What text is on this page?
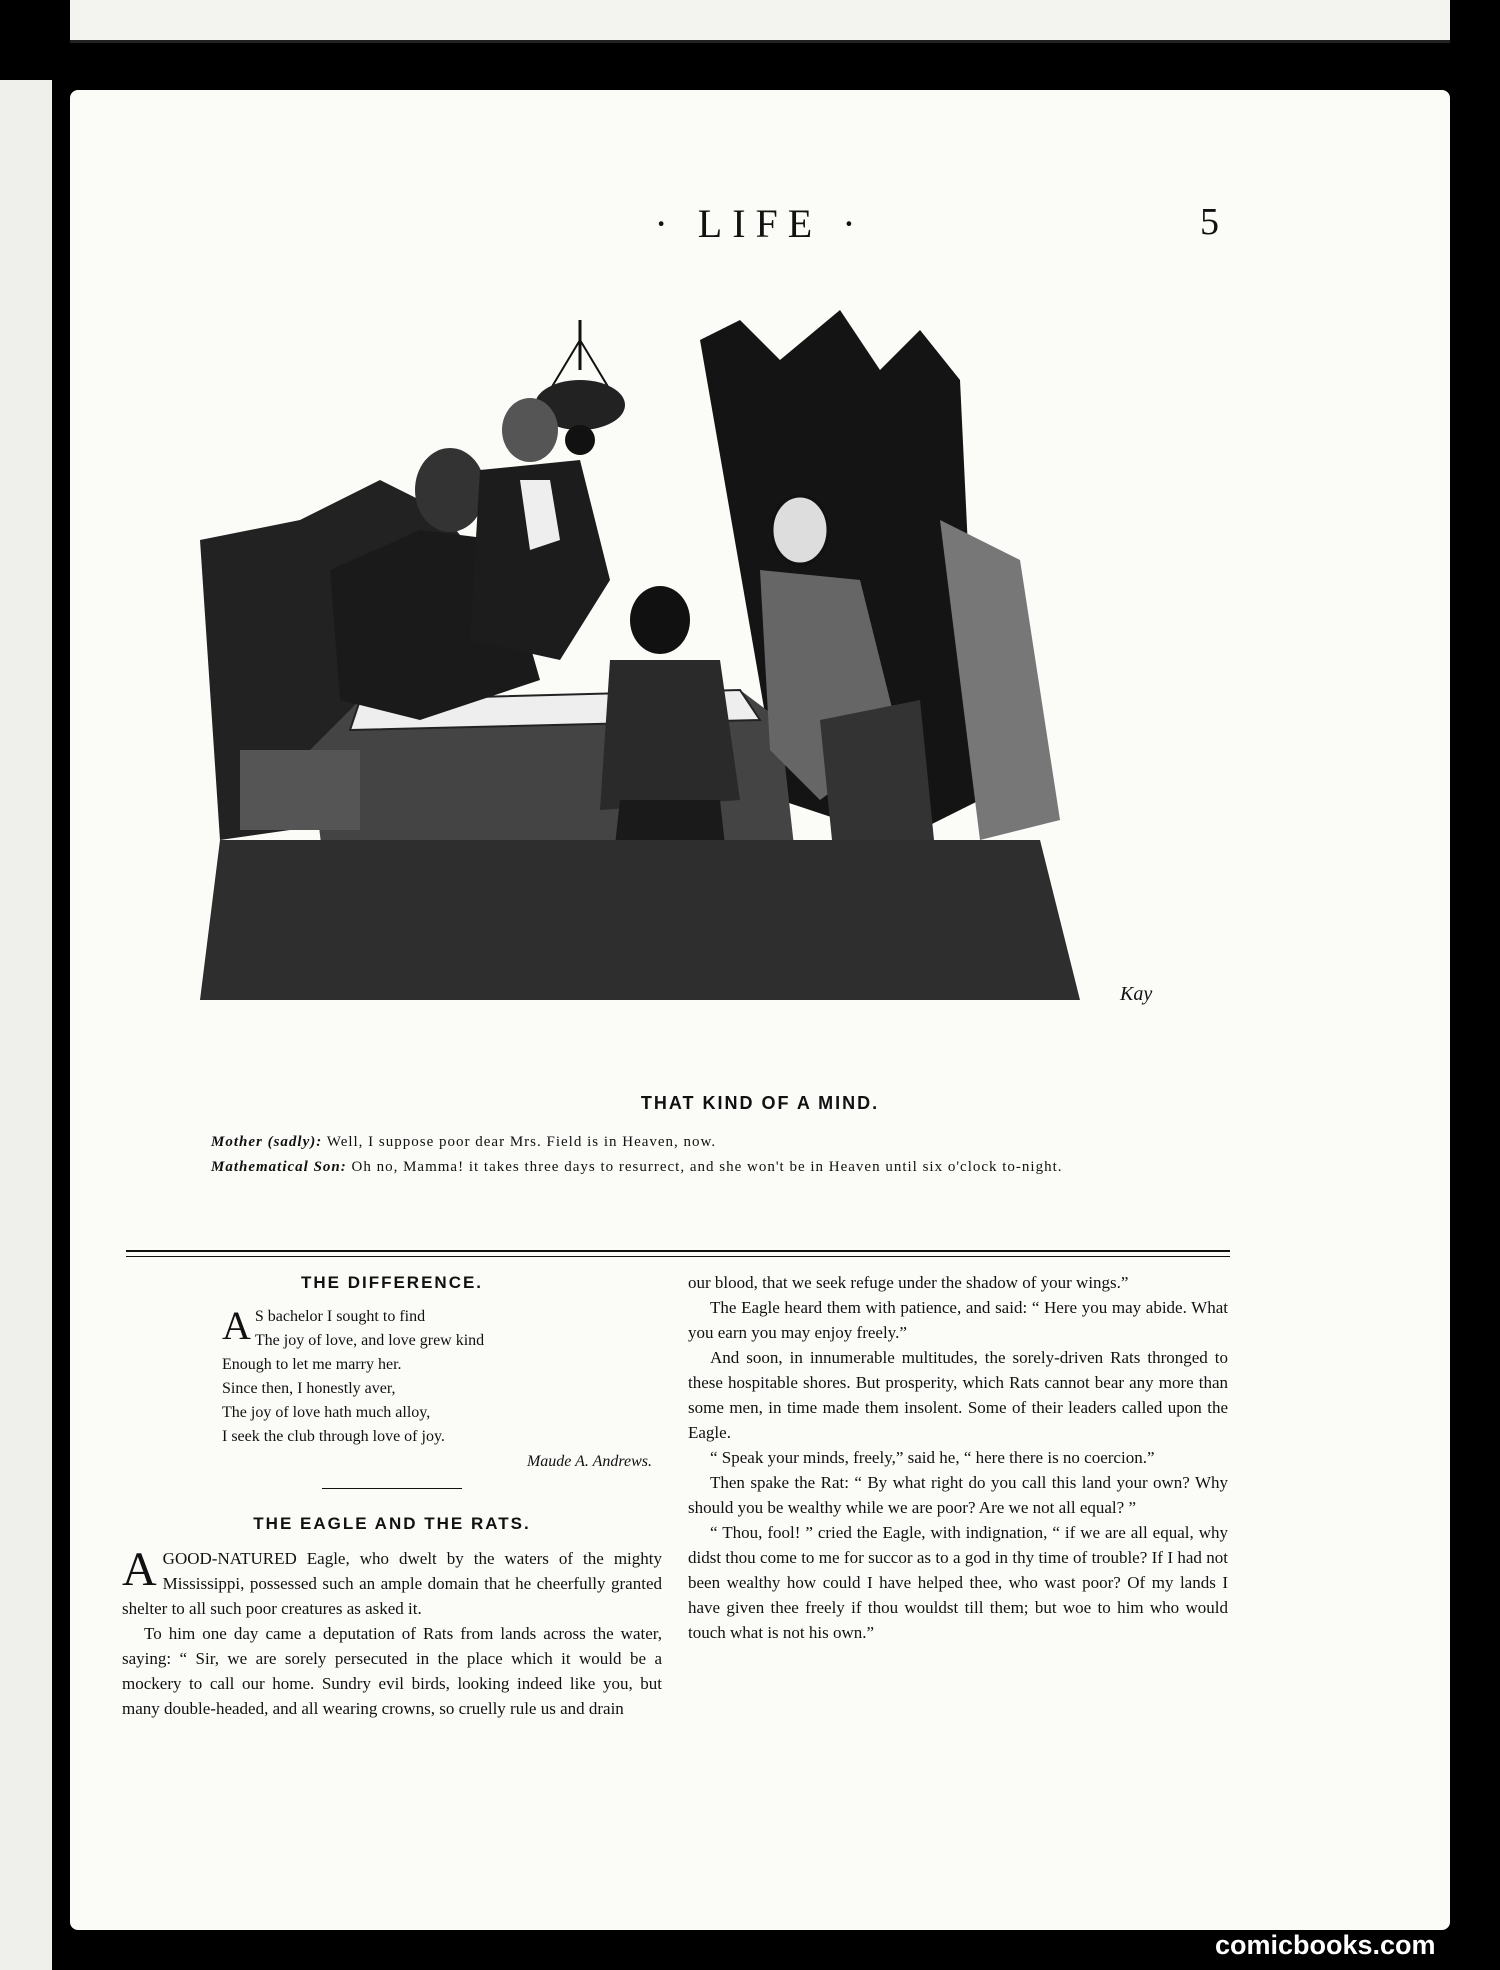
· LIFE ·	5
Kay
THAT KIND OF A MIND.
Mother (sadly): Well, I suppose poor dear Mrs. Field is in Heaven, now.
Mathematical Son: Oh no, Mamma! it takes three days to resurrect, and she won't be in Heaven until six o'clock to-night.
THE DIFFERENCE.
A S bachelor I sought to find
The joy of love, and love grew kind
Enough to let me marry her.
Since then, I honestly aver,
The joy of love hath much alloy,
I seek the club through love of joy.
Maude A. Andrews.
THE EAGLE AND THE RATS.

A GOOD-NATURED Eagle, who dwelt by the waters of the mighty Mississippi, possessed such an ample domain that he cheerfully granted shelter to all such poor creatures as asked it.

To him one day came a deputation of Rats from lands across the water, saying: “ Sir, we are sorely persecuted in the place which it would be a mockery to call our home. Sundry evil birds, looking indeed like you, but many double-headed, and all wearing crowns, so cruelly rule us and drain

our blood, that we seek refuge under the shadow of your wings.”

The Eagle heard them with patience, and said: “ Here you may abide. What you earn you may enjoy freely.”

And soon, in innumerable multitudes, the sorely-driven Rats thronged to these hospitable shores. But prosperity, which Rats cannot bear any more than some men, in time made them insolent. Some of their leaders called upon the Eagle.

“ Speak your minds, freely,” said he, “ here there is no coercion.”

Then spake the Rat: “ By what right do you call this land your own? Why should you be wealthy while we are poor? Are we not all equal? ”

“ Thou, fool! ” cried the Eagle, with indignation, “ if we are all equal, why didst thou come to me for succor as to a god in thy time of trouble? If I had not been wealthy how could I have helped thee, who wast poor? Of my lands I have given thee freely if thou wouldst till them; but woe to him who would touch what is not his own.”

comicbooks.com
